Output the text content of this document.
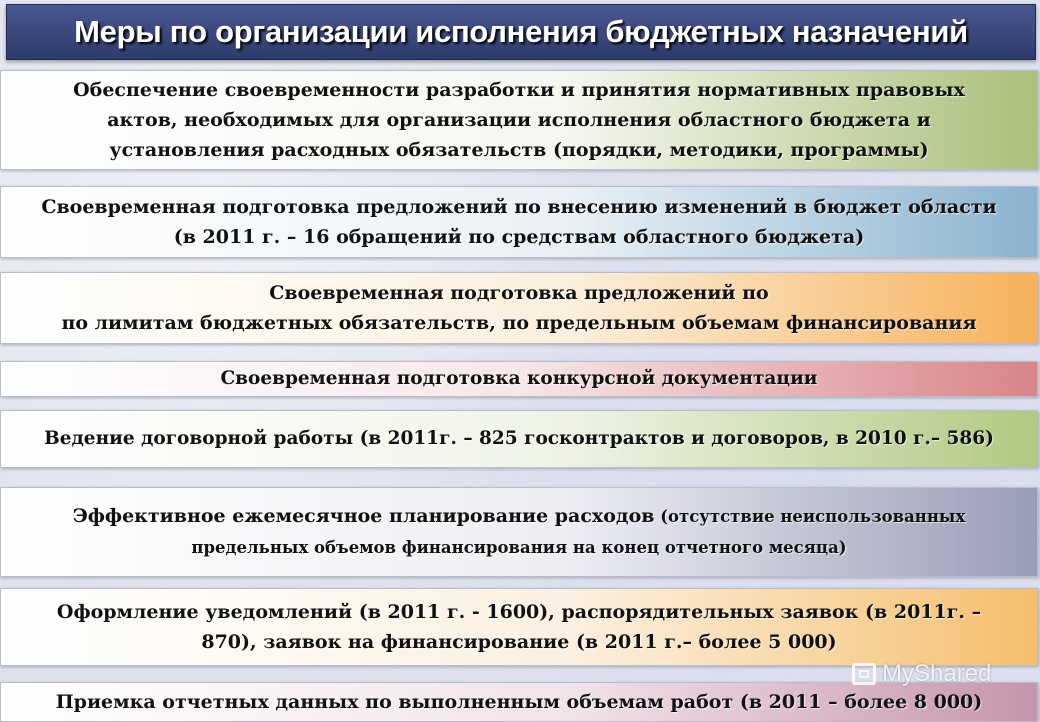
Меры по организации исполнения бюджетных назначений

Обеспечение своевременности разработки и принятия нормативных правовых
актов, необходимых для организации исполнения областного бюджета и
установления расходных обязательств (порядки, методики, программы)

Своевременная подготовка предложений по внесению изменений в бюджет области
(в 2011 г. – 16 обращений по средствам областного бюджета)

Своевременная подготовка предложений по
по лимитам бюджетных обязательств, по предельным объемам финансирования

Своевременная подготовка конкурсной документации

Ведение договорной работы (в 2011г. – 825 госконтрактов и договоров, в 2010 г.– 586)

Эффективное ежемесячное планирование расходов (отсутствие неиспользованных
предельных объемов финансирования на конец отчетного месяца)

Оформление уведомлений (в 2011 г. - 1600), распорядительных заявок (в 2011г. –
870), заявок на финансирование (в 2011 г.– более 5 000)

Приемка отчетных данных по выполненным объемам работ (в 2011 – более 8 000)

MyShared
